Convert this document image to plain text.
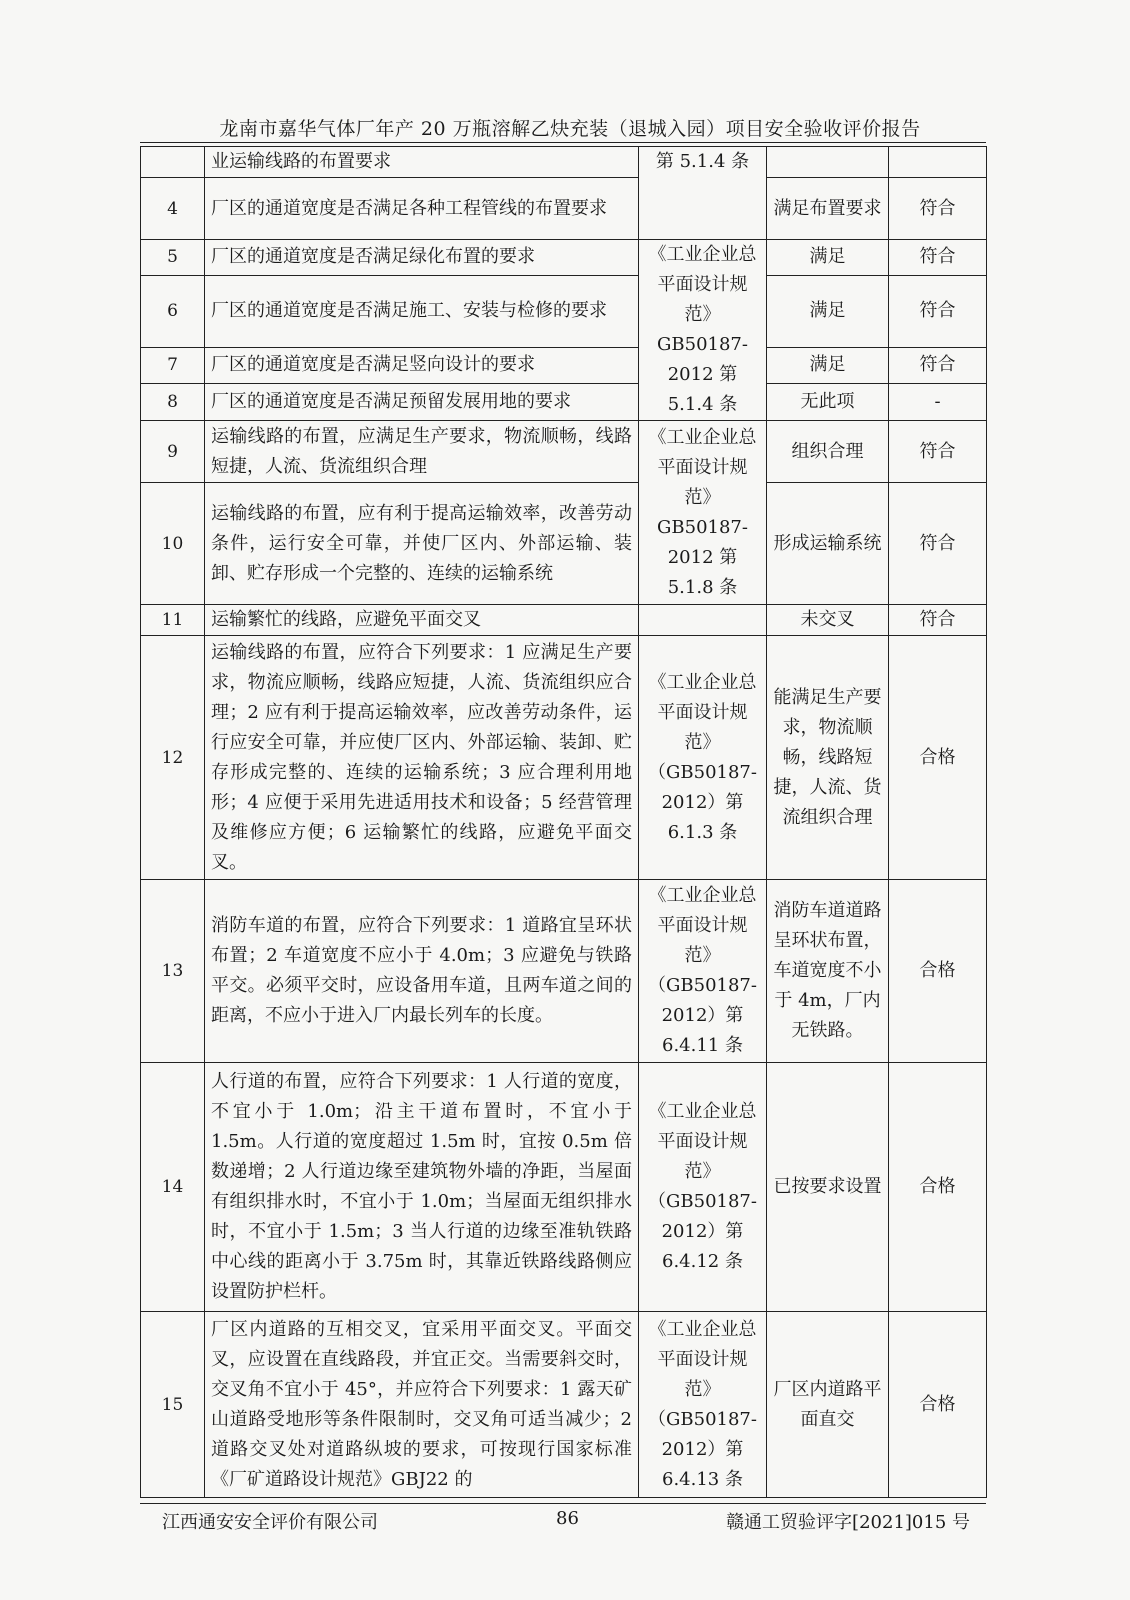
龙南市嘉华气体厂年产 20 万瓶溶解乙炔充装（退城入园）项目安全验收评价报告
	业运输线路的布置要求	第 5.1.4 条		
4	厂区的通道宽度是否满足各种工程管线的布置要求		满足布置要求	符合
5	厂区的通道宽度是否满足绿化布置的要求	《工业企业总平面设计规范》GB50187-2012 第 5.1.4 条	满足	符合
6	厂区的通道宽度是否满足施工、安装与检修的要求		满足	符合
7	厂区的通道宽度是否满足竖向设计的要求		满足	符合
8	厂区的通道宽度是否满足预留发展用地的要求		无此项	-
9	运输线路的布置，应满足生产要求，物流顺畅，线路短捷，人流、货流组织合理	《工业企业总平面设计规范》GB50187-2012 第 5.1.8 条	组织合理	符合
10	运输线路的布置，应有利于提高运输效率，改善劳动条件，运行安全可靠，并使厂区内、外部运输、装卸、贮存形成一个完整的、连续的运输系统		形成运输系统	符合
11	运输繁忙的线路，应避免平面交叉		未交叉	符合
12	运输线路的布置，应符合下列要求：1 应满足生产要求，物流应顺畅，线路应短捷，人流、货流组织应合理；2 应有利于提高运输效率，应改善劳动条件，运行应安全可靠，并应使厂区内、外部运输、装卸、贮存形成完整的、连续的运输系统；3 应合理利用地形；4 应便于采用先进适用技术和设备；5 经营管理及维修应方便；6 运输繁忙的线路，应避免平面交叉。	《工业企业总平面设计规范》（GB50187-2012）第 6.1.3 条	能满足生产要求，物流顺畅，线路短捷，人流、货流组织合理	合格
13	消防车道的布置，应符合下列要求：1 道路宜呈环状布置；2 车道宽度不应小于 4.0m；3 应避免与铁路平交。必须平交时，应设备用车道，且两车道之间的距离，不应小于进入厂内最长列车的长度。	《工业企业总平面设计规范》（GB50187-2012）第 6.4.11 条	消防车道道路呈环状布置，车道宽度不小于 4m，厂内无铁路。	合格
14	人行道的布置，应符合下列要求：1 人行道的宽度，不宜小于 1.0m；沿主干道布置时，不宜小于 1.5m。人行道的宽度超过 1.5m 时，宜按 0.5m 倍数递增；2 人行道边缘至建筑物外墙的净距，当屋面有组织排水时，不宜小于 1.0m；当屋面无组织排水时，不宜小于 1.5m；3 当人行道的边缘至准轨铁路中心线的距离小于 3.75m 时，其靠近铁路线路侧应设置防护栏杆。	《工业企业总平面设计规范》（GB50187-2012）第 6.4.12 条	已按要求设置	合格
15	厂区内道路的互相交叉，宜采用平面交叉。平面交叉，应设置在直线路段，并宜正交。当需要斜交时，交叉角不宜小于 45°，并应符合下列要求：1 露天矿山道路受地形等条件限制时，交叉角可适当减少；2 道路交叉处对道路纵坡的要求，可按现行国家标准《厂矿道路设计规范》GBJ22 的	《工业企业总平面设计规范》（GB50187-2012）第 6.4.13 条	厂区内道路平面直交	合格
江西通安安全评价有限公司	86	赣通工贸验评字[2021]015 号
